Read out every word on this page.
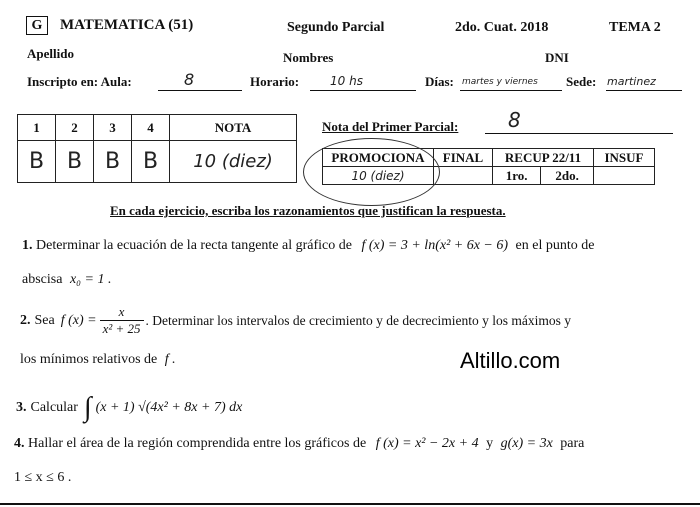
G	MATEMATICA (51)	Segundo Parcial	2do. Cuat. 2018	TEMA 2
Apellido	Nombres	DNI
Inscripto en: Aula:	8	Horario:	10 hs	Días: martes y viernes Sede: martinez
1	2	3	4	NOTA
B	B	B	B	10 (diez)
Nota del Primer Parcial: 8
PROMOCIONA	FINAL	RECUP 22/11		INSUF
10 (diez)		1ro.	2do.	
En cada ejercicio, escriba los razonamientos que justifican la respuesta.
1. Determinar la ecuación de la recta tangente al gráfico de f (x) = 3 + ln(x² + 6x − 6) en el punto de
abscisa x₀ = 1 .
2. Sea f $(x) = \frac{x}{\text{x² + 25}}$ . Determinar los intervalos de crecimiento y de decrecimiento y los máximos y
los mínimos relativos de f .	Altillo.com
3. Calcular ∫ (x + 1) √(4x² + 8x + 7) dx
4. Hallar el área de la región comprendida entre los gráficos de f (x) = x² − 2x + 4 y g(x) = 3x para
1 ≤ x ≤ 6 .
